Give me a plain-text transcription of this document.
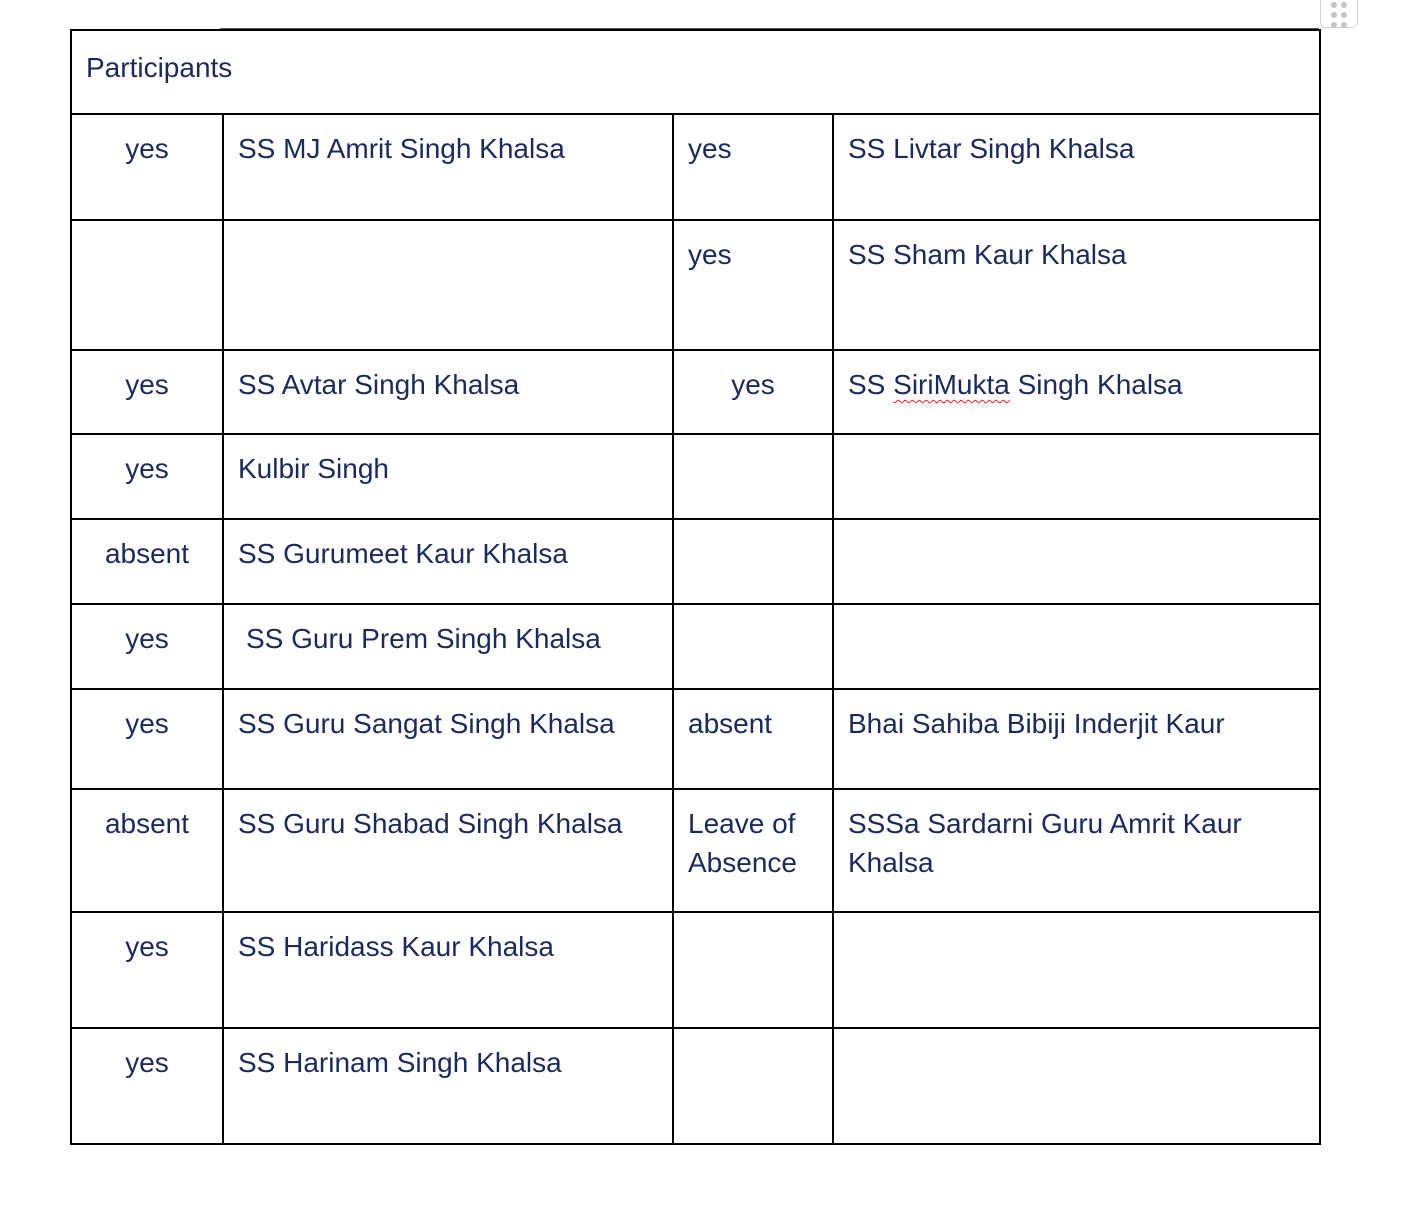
Participants			

yes	SS MJ Amrit Singh Khalsa	yes	SS Livtar Singh Khalsa

		yes	SS Sham Kaur Khalsa

yes	SS Avtar Singh Khalsa	yes	SS SiriMukta Singh Khalsa

yes	Kulbir Singh		

absent	SS Gurumeet Kaur Khalsa		

yes	SS Guru Prem Singh Khalsa		

yes	SS Guru Sangat Singh Khalsa	absent	Bhai Sahiba Bibiji Inderjit Kaur

absent	SS Guru Shabad Singh Khalsa	Leave of Absence	SSSa Sardarni Guru Amrit Kaur Khalsa

yes	SS Haridass Kaur Khalsa		

yes	SS Harinam Singh Khalsa		
